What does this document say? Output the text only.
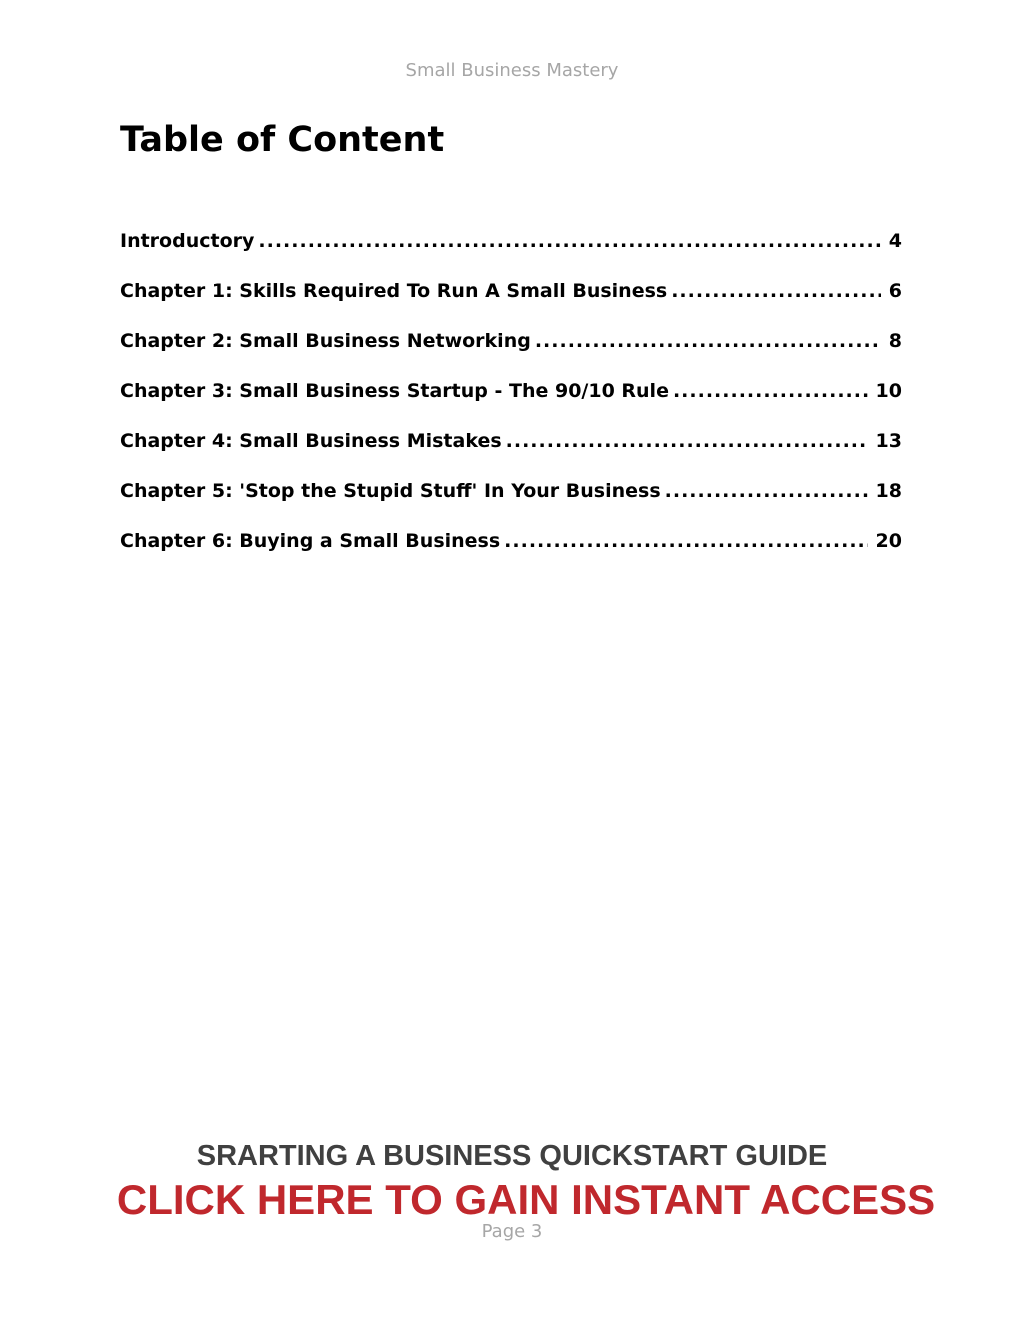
Small Business Mastery
Table of Content
Introductory .....	4
Chapter 1: Skills Required To Run A Small Business .....	6
Chapter 2: Small Business Networking .....	8
Chapter 3: Small Business Startup - The 90/10 Rule .....	10
Chapter 4: Small Business Mistakes .....	13
Chapter 5: 'Stop the Stupid Stuff' In Your Business .....	18
Chapter 6: Buying a Small Business .....	20
SRARTING A BUSINESS QUICKSTART GUIDE
CLICK HERE TO GAIN INSTANT ACCESS
Page 3
